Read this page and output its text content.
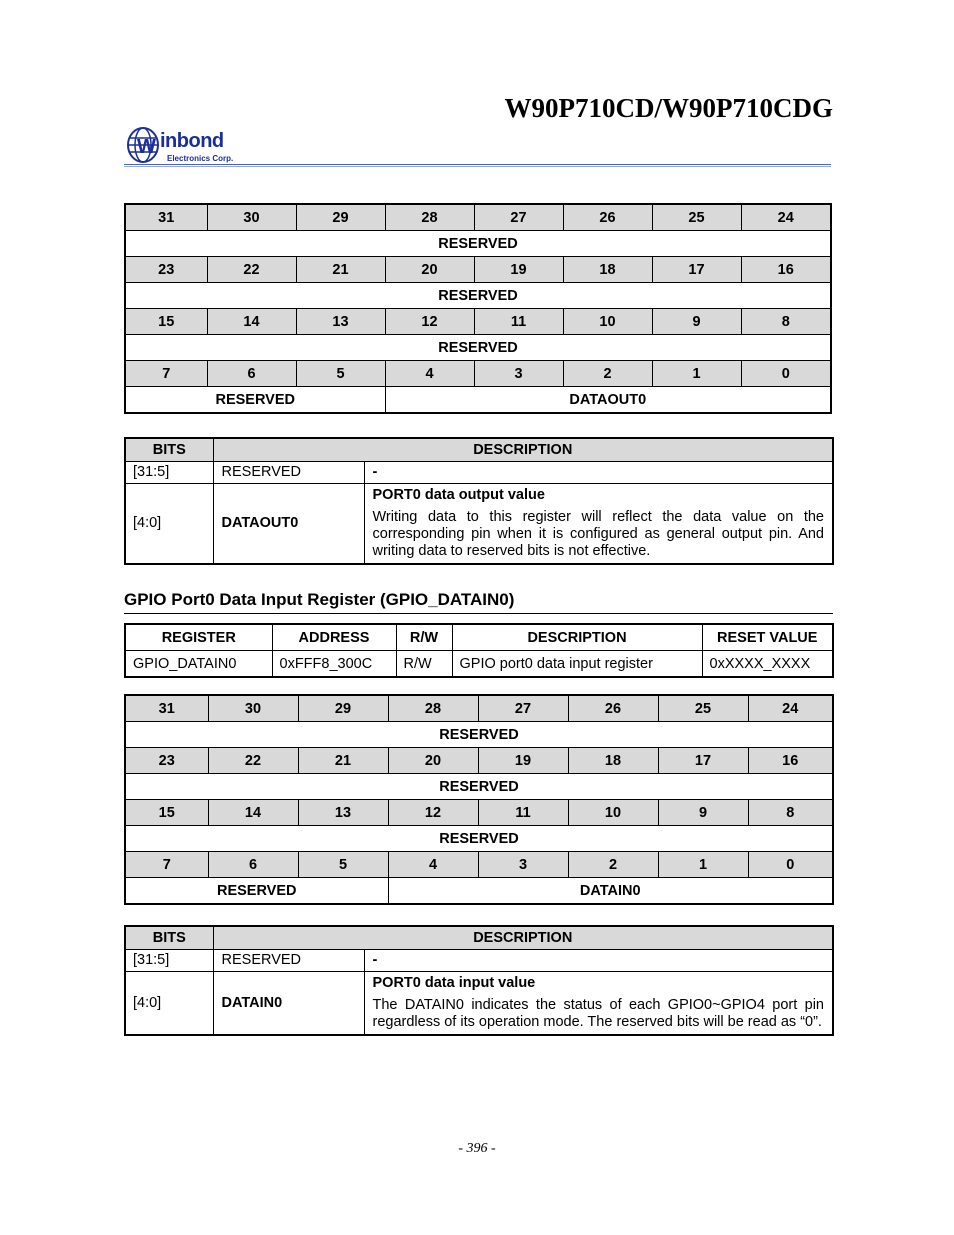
W90P710CD/W90P710CDG
W inbond
Electronics Corp.
31	30	29	28	27	26	25	24
RESERVED							
23	22	21	20	19	18	17	16
RESERVED							
15	14	13	12	11	10	9	8
RESERVED							
7	6	5	4	3	2	1	0
RESERVED			DATAOUT0				
BITS	DESCRIPTION	
[31:5]	RESERVED	-
[4:0]	DATAOUT0	PORT0 data output value
Writing data to this register will reflect the data value on the corresponding pin when it is configured as general output pin. And writing data to reserved bits is not effective.
GPIO Port0 Data Input Register (GPIO_DATAIN0)
REGISTER	ADDRESS	R/W	DESCRIPTION	RESET VALUE
GPIO_DATAIN0	0xFFF8_300C	R/W	GPIO port0 data input register	0xXXXX_XXXX
31	30	29	28	27	26	25	24
RESERVED							
23	22	21	20	19	18	17	16
RESERVED							
15	14	13	12	11	10	9	8
RESERVED							
7	6	5	4	3	2	1	0
RESERVED			DATAIN0				
BITS	DESCRIPTION	
[31:5]	RESERVED	-
[4:0]	DATAIN0	PORT0 data input value
The DATAIN0 indicates the status of each GPIO0~GPIO4 port pin regardless of its operation mode. The reserved bits will be read as “0”.
- 396 -
